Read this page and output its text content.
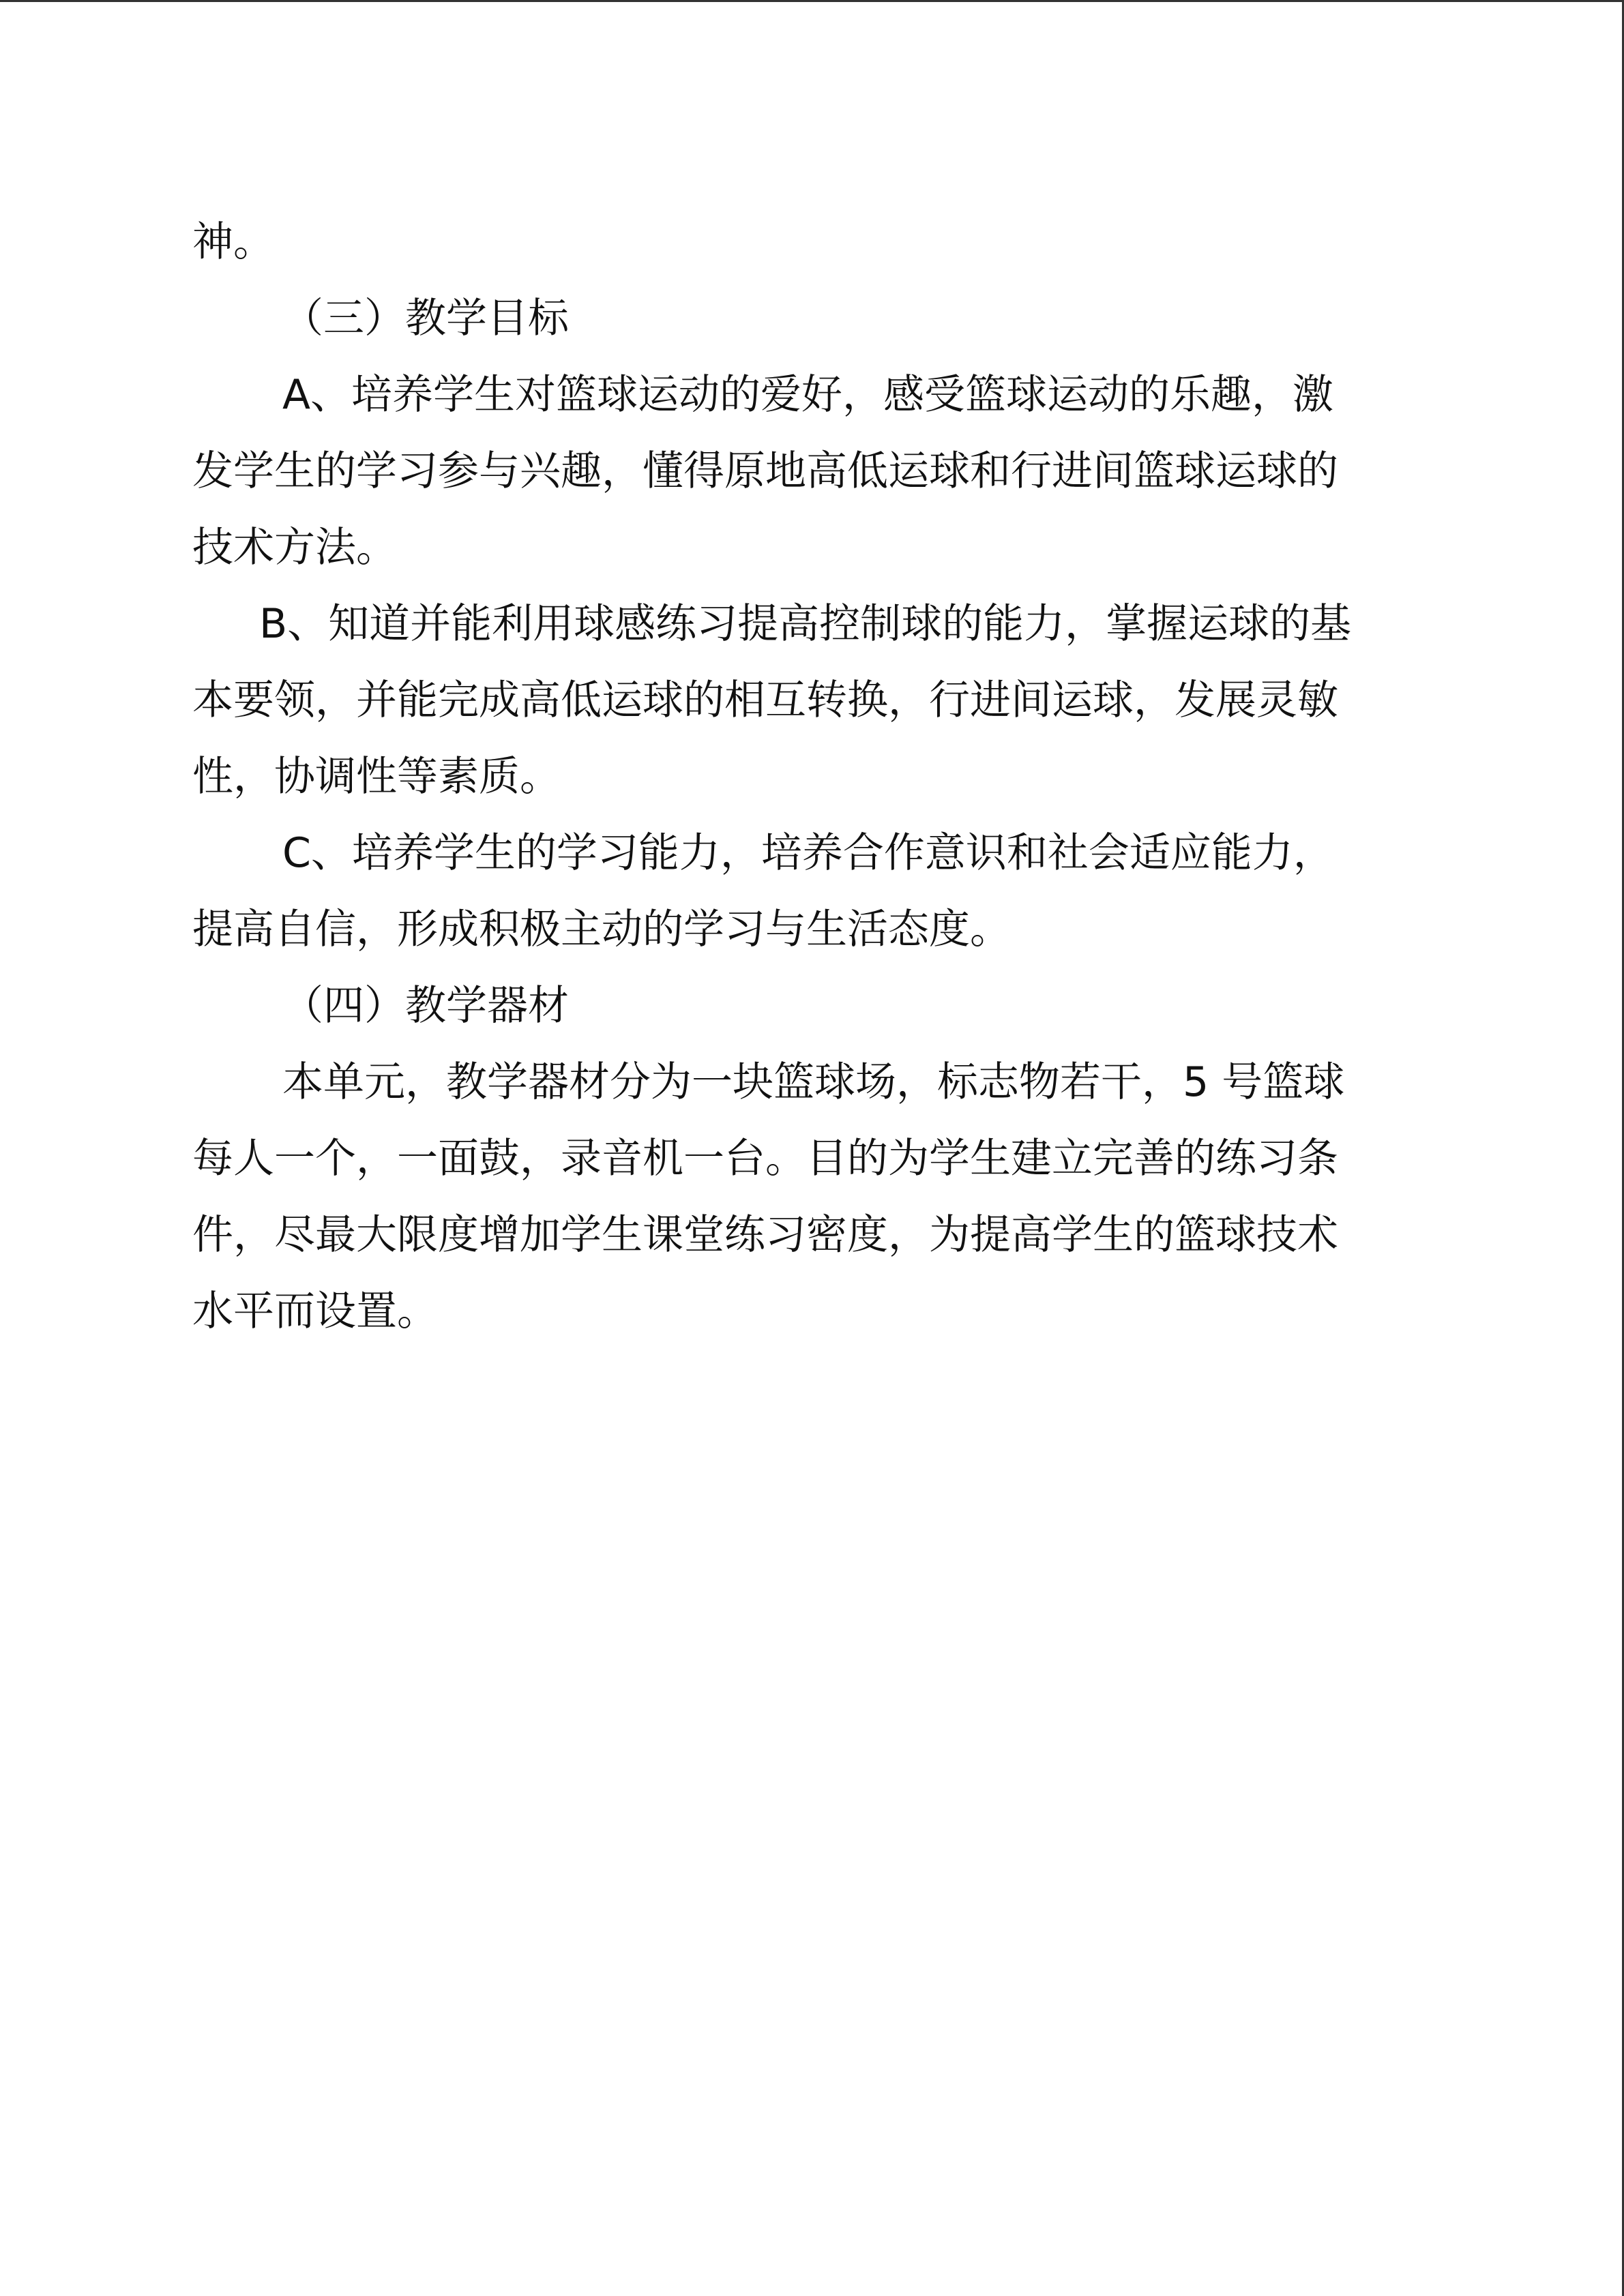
神。
（三）教学目标
A、培养学生对篮球运动的爱好，感受篮球运动的乐趣，激
发学生的学习参与兴趣，懂得原地高低运球和行进间篮球运球的
技术方法。
B、知道并能利用球感练习提高控制球的能力，掌握运球的基
本要领，并能完成高低运球的相互转换，行进间运球，发展灵敏
性，协调性等素质。
C、培养学生的学习能力，培养合作意识和社会适应能力，
提高自信，形成积极主动的学习与生活态度。
（四）教学器材
本单元，教学器材分为一块篮球场，标志物若干，5 号篮球
每人一个，一面鼓，录音机一台。目的为学生建立完善的练习条
件，尽最大限度增加学生课堂练习密度，为提高学生的篮球技术
水平而设置。
